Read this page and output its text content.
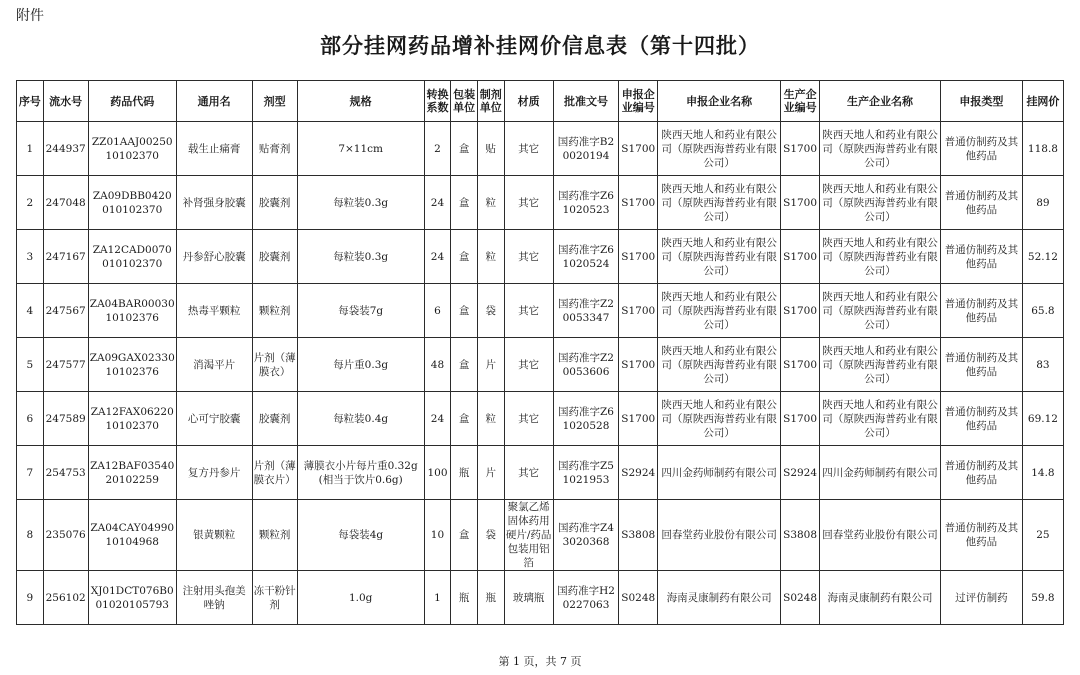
附件
部分挂网药品增补挂网价信息表（第十四批）
序号	流水号	药品代码	通用名	剂型	规格	转换系数	包装单位	制剂单位	材质	批准文号	申报企业编号	申报企业名称	生产企业编号	生产企业名称	申报类型	挂网价
1	244937	ZZ01AAJ0025010102370	载生止痛膏	贴膏剂	7×11cm	2	盒	贴	其它	国药准字B20020194	S1700	陕西天地人和药业有限公司（原陕西海普药业有限公司）	S1700	陕西天地人和药业有限公司（原陕西海普药业有限公司）	普通仿制药及其他药品	118.8
2	247048	ZA09DBB0420010102370	补肾强身胶囊	胶囊剂	每粒装0.3g	24	盒	粒	其它	国药准字Z61020523	S1700	陕西天地人和药业有限公司（原陕西海普药业有限公司）	S1700	陕西天地人和药业有限公司（原陕西海普药业有限公司）	普通仿制药及其他药品	89
3	247167	ZA12CAD0070010102370	丹参舒心胶囊	胶囊剂	每粒装0.3g	24	盒	粒	其它	国药准字Z61020524	S1700	陕西天地人和药业有限公司（原陕西海普药业有限公司）	S1700	陕西天地人和药业有限公司（原陕西海普药业有限公司）	普通仿制药及其他药品	52.12
4	247567	ZA04BAR0003010102376	热毒平颗粒	颗粒剂	每袋装7g	6	盒	袋	其它	国药准字Z20053347	S1700	陕西天地人和药业有限公司（原陕西海普药业有限公司）	S1700	陕西天地人和药业有限公司（原陕西海普药业有限公司）	普通仿制药及其他药品	65.8
5	247577	ZA09GAX0233010102376	消渴平片	片剂（薄膜衣）	每片重0.3g	48	盒	片	其它	国药准字Z20053606	S1700	陕西天地人和药业有限公司（原陕西海普药业有限公司）	S1700	陕西天地人和药业有限公司（原陕西海普药业有限公司）	普通仿制药及其他药品	83
6	247589	ZA12FAX0622010102370	心可宁胶囊	胶囊剂	每粒装0.4g	24	盒	粒	其它	国药准字Z61020528	S1700	陕西天地人和药业有限公司（原陕西海普药业有限公司）	S1700	陕西天地人和药业有限公司（原陕西海普药业有限公司）	普通仿制药及其他药品	69.12
7	254753	ZA12BAF0354020102259	复方丹参片	片剂（薄膜衣片）	薄膜衣小片每片重0.32g(相当于饮片0.6g)	100	瓶	片	其它	国药准字Z51021953	S2924	四川金药师制药有限公司	S2924	四川金药师制药有限公司	普通仿制药及其他药品	14.8
8	235076	ZA04CAY0499010104968	银黄颗粒	颗粒剂	每袋装4g	10	盒	袋	聚氯乙烯固体药用硬片/药品包装用铝箔	国药准字Z43020368	S3808	回春堂药业股份有限公司	S3808	回春堂药业股份有限公司	普通仿制药及其他药品	25
9	256102	XJ01DCT076B001020105793	注射用头孢美唑钠	冻干粉针剂	1.0g	1	瓶	瓶	玻璃瓶	国药准字H20227063	S0248	海南灵康制药有限公司	S0248	海南灵康制药有限公司	过评仿制药	59.8
第 1 页，共 7 页
